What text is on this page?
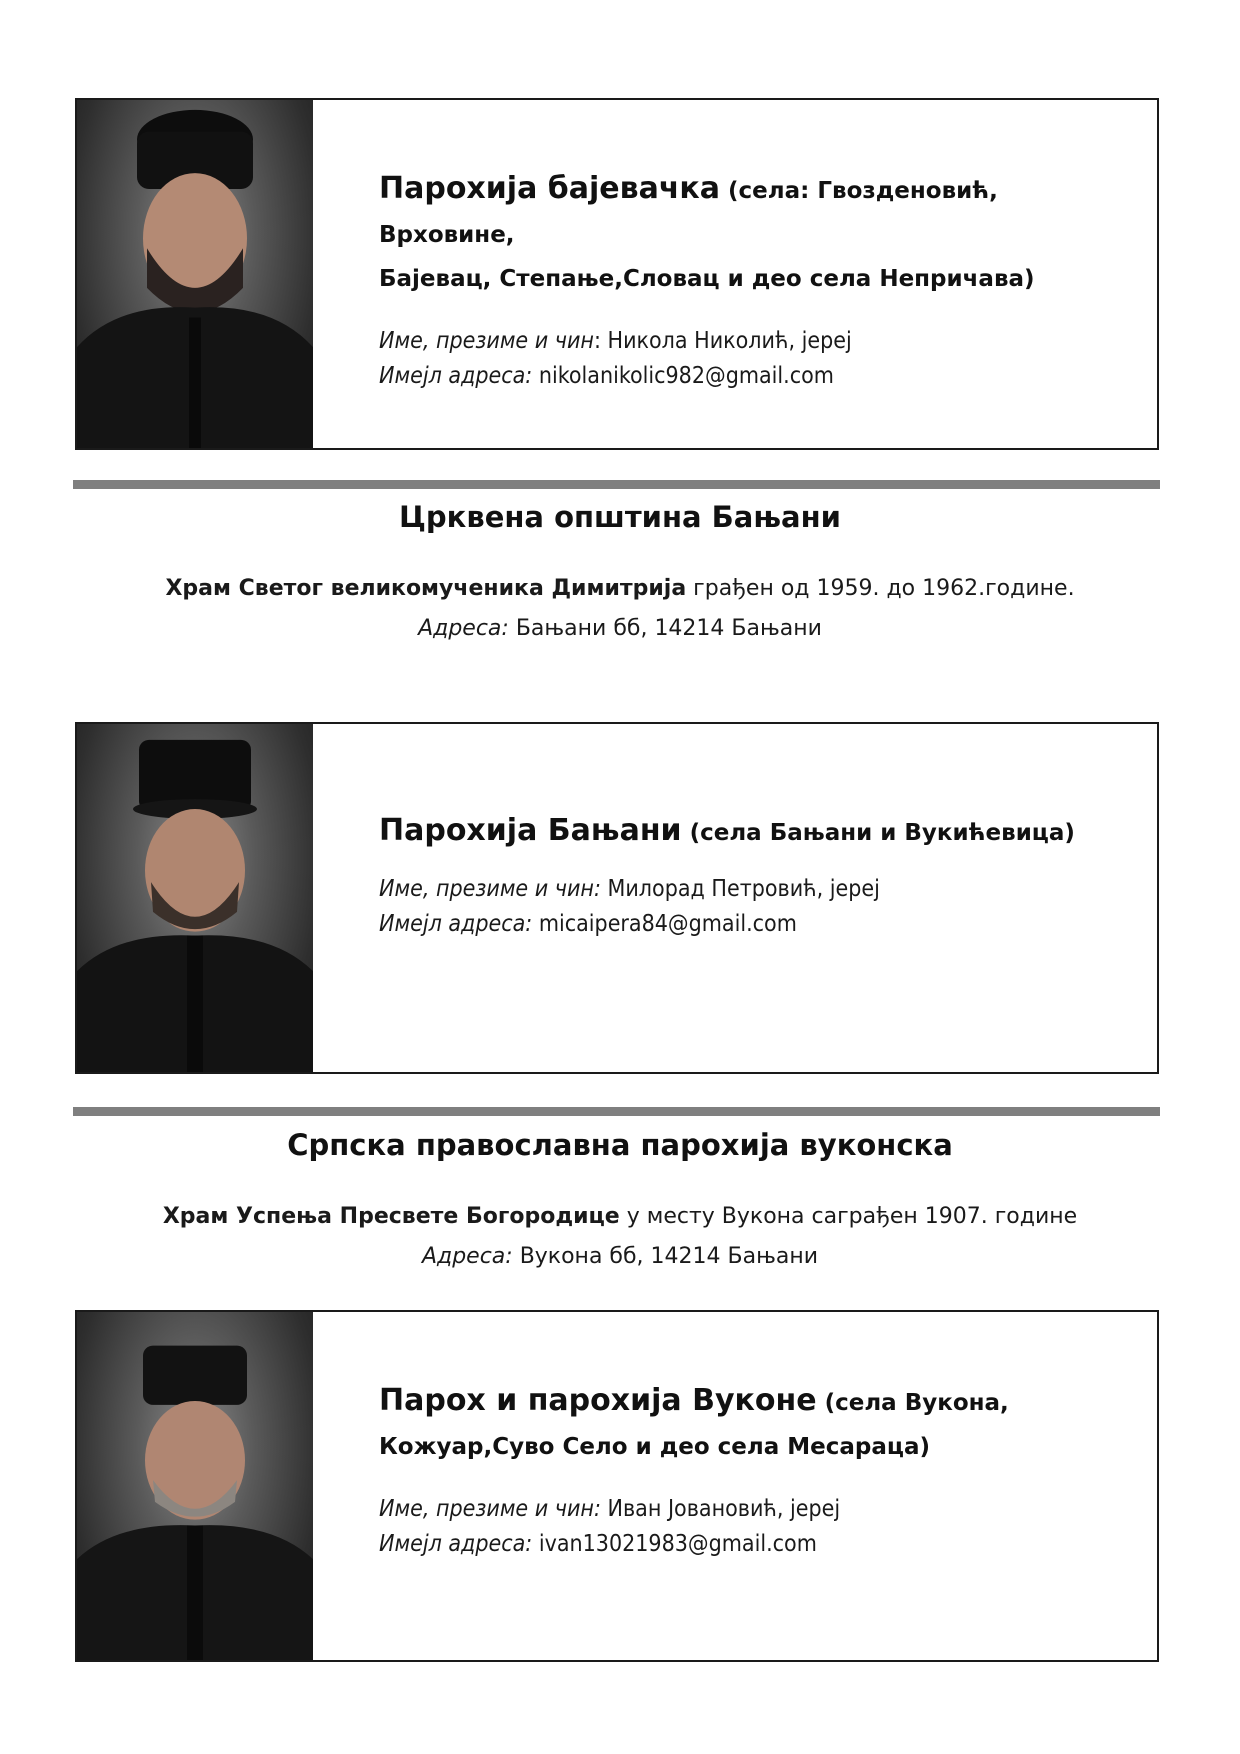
Парохија бајевачка (села: Гвозденовић, Врховине,
Бајевац, Степање,Словац и део села Непричава)
Име, презиме и чин: Никола Николић, јереј
Имејл адреса: nikolanikolic982@gmail.com
Црквена општина Бањани
Храм Светог великомученика Димитрија грађен од 1959. до 1962.године.
Адреса: Бањани бб, 14214 Бањани
Парохија Бањани (села Бањани и Вукићевица)
Име, презиме и чин: Милорад Петровић, јереј
Имејл адреса: micaipera84@gmail.com
Српска православна парохија вуконска
Храм Успења Пресвете Богородице у месту Вукона саграђен 1907. године
Адреса: Вукона бб, 14214 Бањани
Парох и парохија Вуконе (села Вукона,
Кожуар,Суво Село и део села Месараца)
Име, презиме и чин: Иван Јовановић, јереј
Имејл адреса: ivan13021983@gmail.com
